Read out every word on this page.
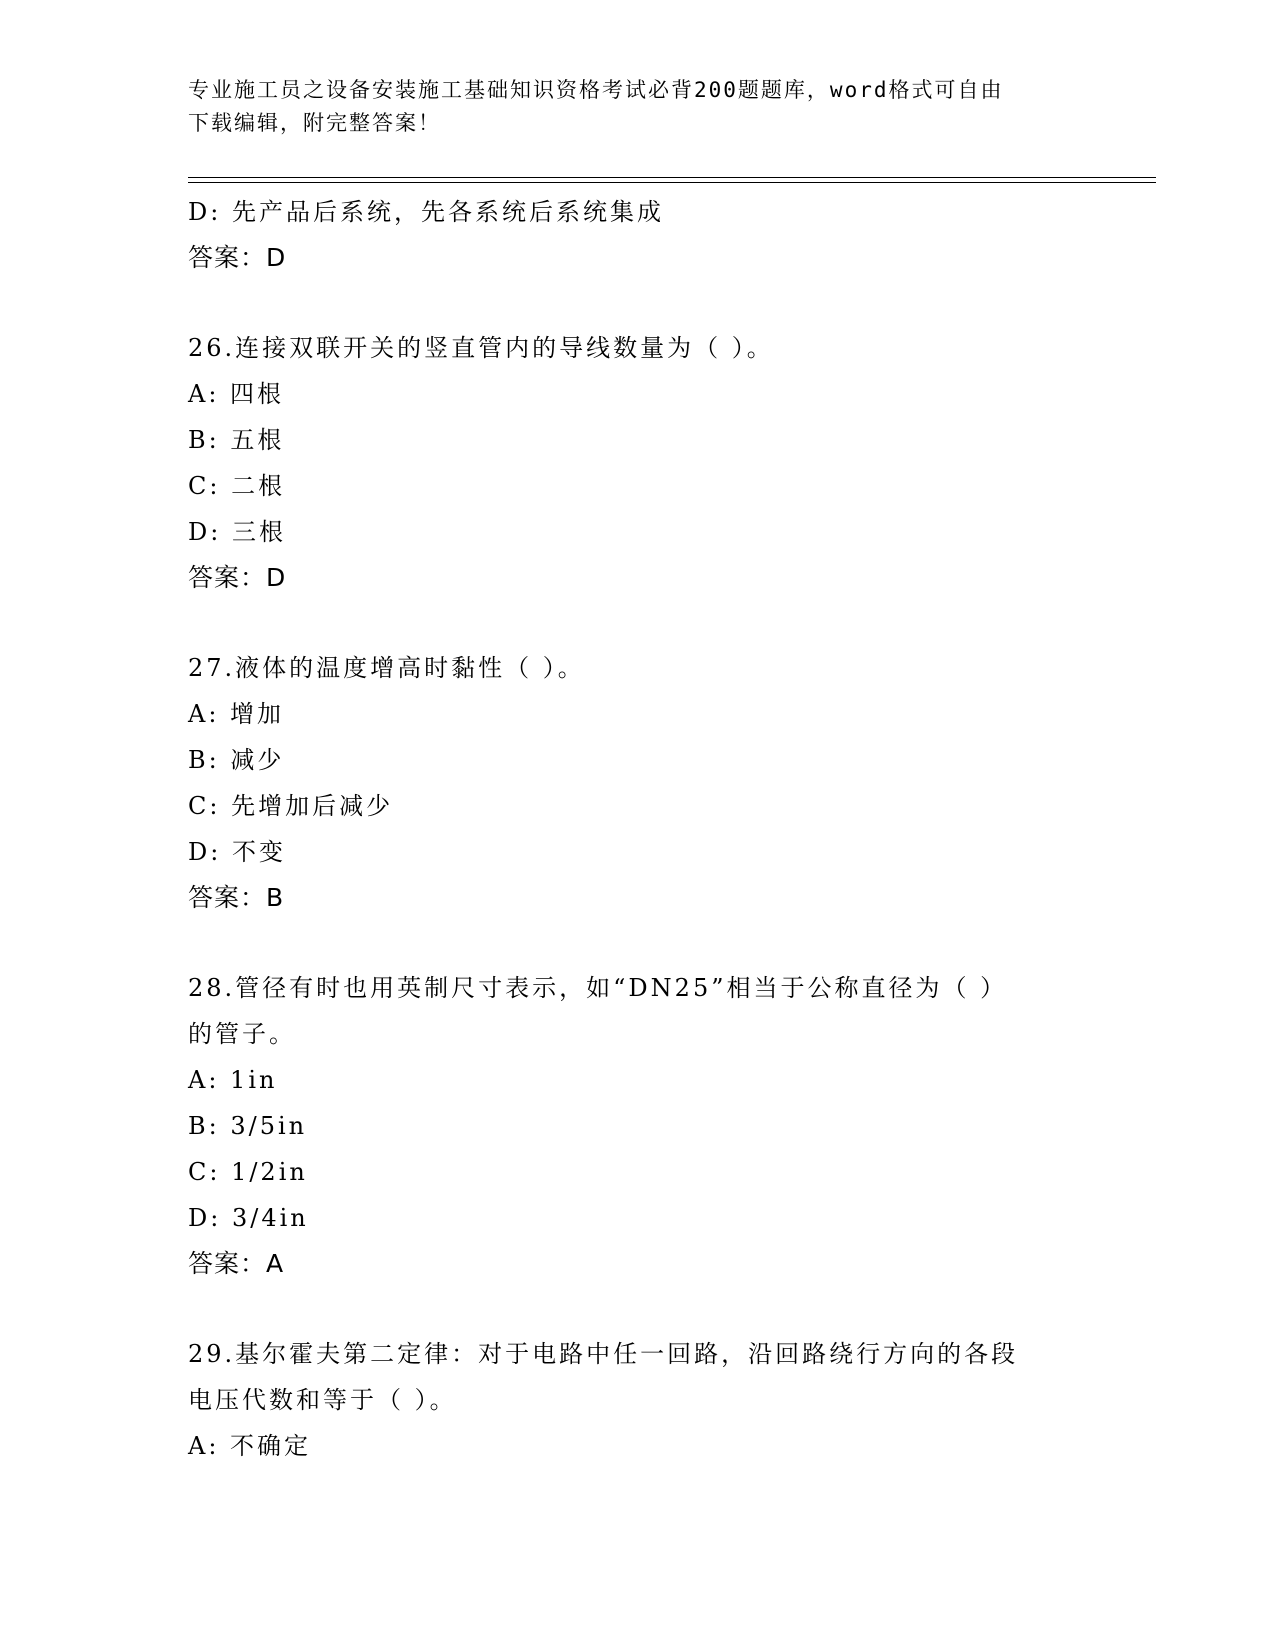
专业施工员之设备安装施工基础知识资格考试必背200题题库，word格式可自由
下载编辑，附完整答案！
D: 先产品后系统，先各系统后系统集成
答案：D
26.连接双联开关的竖直管内的导线数量为（ ）。
A: 四根
B: 五根
C: 二根
D: 三根
答案：D
27.液体的温度增高时黏性（ ）。
A: 增加
B: 减少
C: 先增加后减少
D: 不变
答案：B
28.管径有时也用英制尺寸表示，如“DN25”相当于公称直径为（ ）
的管子。
A: 1in
B: 3/5in
C: 1/2in
D: 3/4in
答案：A
29.基尔霍夫第二定律：对于电路中任一回路，沿回路绕行方向的各段
电压代数和等于（ ）。
A: 不确定
